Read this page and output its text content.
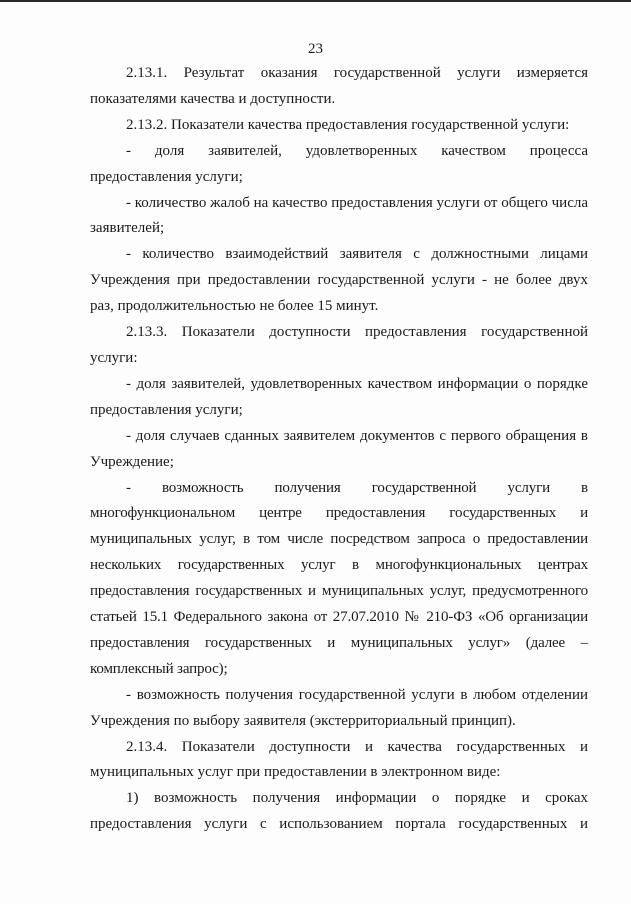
23

2.13.1. Результат оказания государственной услуги измеряется показателями качества и доступности.

2.13.2. Показатели качества предоставления государственной услуги:

- доля заявителей, удовлетворенных качеством процесса предоставления услуги;

- количество жалоб на качество предоставления услуги от общего числа заявителей;

- количество взаимодействий заявителя с должностными лицами Учреждения при предоставлении государственной услуги - не более двух раз, продолжительностью не более 15 минут.

2.13.3. Показатели доступности предоставления государственной услуги:

- доля заявителей, удовлетворенных качеством информации о порядке предоставления услуги;

- доля случаев сданных заявителем документов с первого обращения в Учреждение;

- возможность получения государственной услуги в многофункциональном центре предоставления государственных и муниципальных услуг, в том числе посредством запроса о предоставлении нескольких государственных услуг в многофункциональных центрах предоставления государственных и муниципальных услуг, предусмотренного статьей 15.1 Федерального закона от 27.07.2010 № 210-ФЗ «Об организации предоставления государственных и муниципальных услуг» (далее – комплексный запрос);

- возможность получения государственной услуги в любом отделении Учреждения по выбору заявителя (экстерриториальный принцип).

2.13.4. Показатели доступности и качества государственных и муниципальных услуг при предоставлении в электронном виде:

1) возможность получения информации о порядке и сроках предоставления услуги с использованием портала государственных и
